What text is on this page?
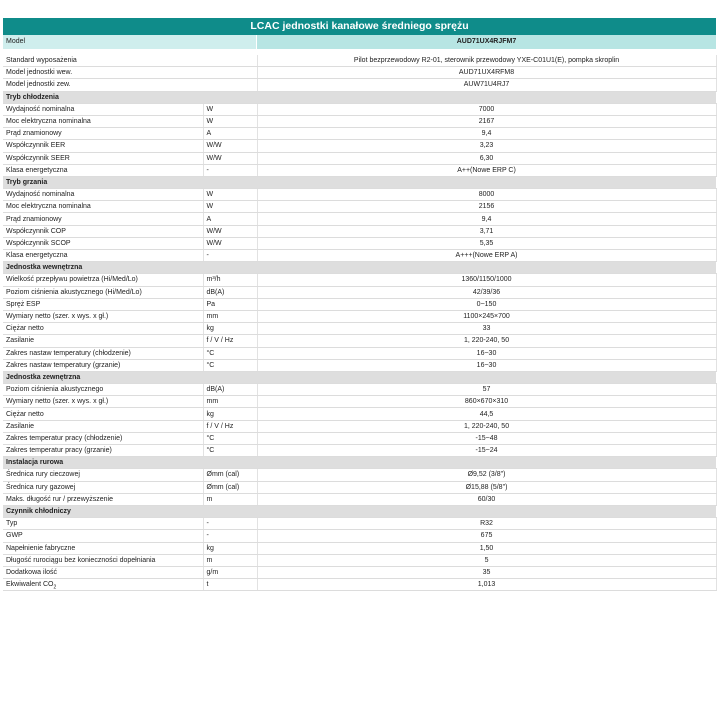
LCAC jednostki kanałowe średniego sprężu
Model	AUD71UX4RJFM7
Standard wyposażenia		Pilot bezprzewodowy R2-01, sterownik przewodowy YXE-C01U1(E), pompka skroplin
Model jednostki wew.		AUD71UX4RFM8
Model jednostki zew.		AUW71U4RJ7
Tryb chłodzenia		
Wydajność nominalna	W	7000
Moc elektryczna nominalna	W	2167
Prąd znamionowy	A	9,4
Współczynnik EER	W/W	3,23
Współczynnik SEER	W/W	6,30
Klasa energetyczna	-	A++(Nowe ERP C)
Tryb grzania		
Wydajność nominalna	W	8000
Moc elektryczna nominalna	W	2156
Prąd znamionowy	A	9,4
Współczynnik COP	W/W	3,71
Współczynnik SCOP	W/W	5,35
Klasa energetyczna	-	A+++(Nowe ERP A)
Jednostka wewnętrzna		
Wielkość przepływu powietrza (Hi/Med/Lo)	m³/h	1360/1150/1000
Poziom ciśnienia akustycznego (Hi/Med/Lo)	dB(A)	42/39/36
Spręż ESP	Pa	0~150
Wymiary netto (szer. x wys. x gł.)	mm	1100×245×700
Ciężar netto	kg	33
Zasilanie	f / V / Hz	1, 220-240, 50
Zakres nastaw temperatury (chłodzenie)	°C	16~30
Zakres nastaw temperatury (grzanie)	°C	16~30
Jednostka zewnętrzna		
Poziom ciśnienia akustycznego	dB(A)	57
Wymiary netto (szer. x wys. x gł.)	mm	860×670×310
Ciężar netto	kg	44,5
Zasilanie	f / V / Hz	1, 220-240, 50
Zakres temperatur pracy (chłodzenie)	°C	-15~48
Zakres temperatur pracy (grzanie)	°C	-15~24
Instalacja rurowa		
Średnica rury cieczowej	Ømm (cal)	Ø9,52 (3/8")
Średnica rury gazowej	Ømm (cal)	Ø15,88 (5/8")
Maks. długość rur / przewyższenie	m	60/30
Czynnik chłodniczy		
Typ	-	R32
GWP	-	675
Napełnienie fabryczne	kg	1,50
Długość rurociągu bez konieczności dopełniania	m	5
Dodatkowa ilość	g/m	35
Ekwiwalent $CO_2$	t	1,013
